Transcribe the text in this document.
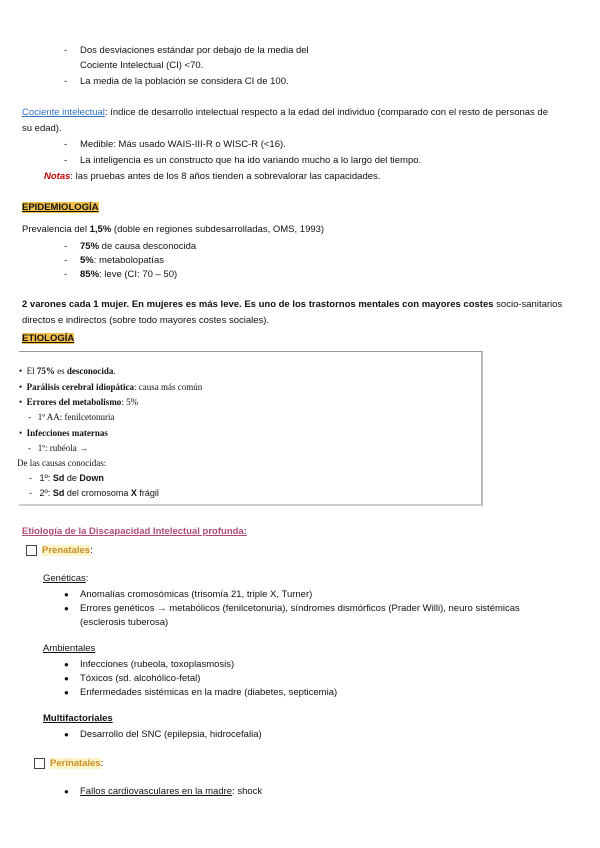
- Dos desviaciones estándar por debajo de la media del
Cociente Intelectual (CI) <70.
- La media de la población se considera CI de 100.
Cociente intelectual: índice de desarrollo intelectual respecto a la edad del individuo (comparado con el resto de personas de
su edad).
- Medible: Más usado WAIS-III-R o WISC-R (<16).
- La inteligencia es un constructo que ha ido variando mucho a lo largo del tiempo.
Notas: las pruebas antes de los 8 años tienden a sobrevalorar las capacidades.
EPIDEMIOLOGÍA
Prevalencia del 1,5% (doble en regiones subdesarrolladas, OMS, 1993)
- 75% de causa desconocida
- 5%: metabolopatías
- 85%: leve (CI: 70 – 50)
2 varones cada 1 mujer. En mujeres es más leve. Es uno de los trastornos mentales con mayores costes socio-sanitarios
directos e indirectos (sobre todo mayores costes sociales).
ETIOLOGÍA
•  El 75% es desconocida.
•  Parálisis cerebral idiopática: causa más común
•  Errores del metabolismo: 5%
-   1º AA: fenilcetonuria
•  Infecciones maternas
-   1º: rubéola →
De las causas conocidas:
-   1º: Sd de Down
-   2º: Sd del cromosoma X frágil
Etiología de la Discapacidad Intelectual profunda:
Prenatales:
Genéticas:
● Anomalías cromosómicas (trisomía 21, triple X, Turner)
● Errores genéticos → metabólicos (fenilcetonuria), síndromes dismórficos (Prader Willi), neuro sistémicas
(esclerosis tuberosa)
Ambientales
● Infecciones (rubeola, toxoplasmosis)
● Tóxicos (sd. alcohólico-fetal)
● Enfermedades sistémicas en la madre (diabetes, septicemia)
Multifactoriales
● Desarrollo del SNC (epilepsia, hidrocefalia)
Perinatales:
● Fallos cardiovasculares en la madre: shock
